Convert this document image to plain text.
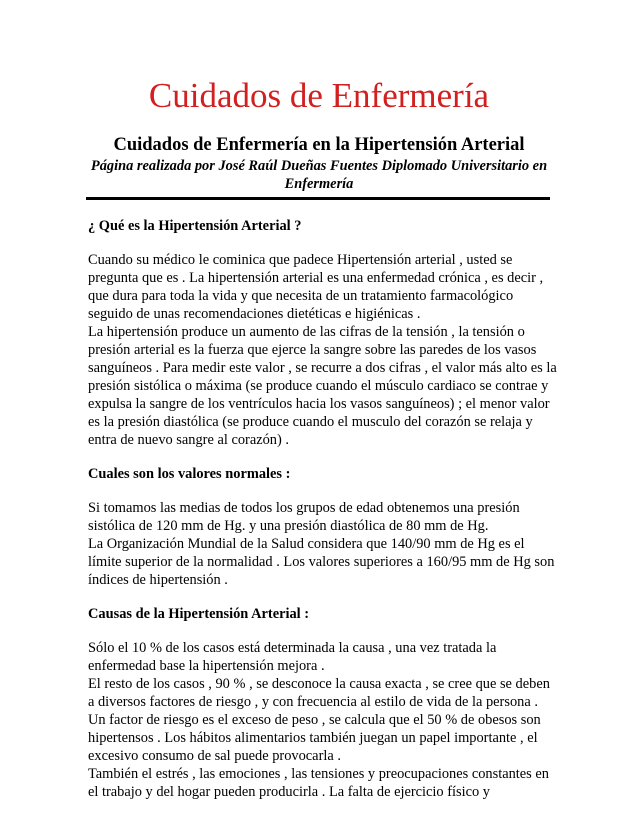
Cuidados de Enfermería
Cuidados de Enfermería en la Hipertensión Arterial
Página realizada por José Raúl Dueñas Fuentes Diplomado Universitario en
Enfermería
¿ Qué es la Hipertensión Arterial ?

Cuando su médico le cominica que padece Hipertensión arterial , usted se
pregunta que es . La hipertensión arterial es una enfermedad crónica , es decir ,
que dura para toda la vida y que necesita de un tratamiento farmacológico
seguido de unas recomendaciones dietéticas e higiénicas .
La hipertensión produce un aumento de las cifras de la tensión , la tensión o
presión arterial es la fuerza que ejerce la sangre sobre las paredes de los vasos
sanguíneos . Para medir este valor , se recurre a dos cifras , el valor más alto es la
presión sistólica o máxima (se produce cuando el músculo cardiaco se contrae y
expulsa la sangre de los ventrículos hacia los vasos sanguíneos) ; el menor valor
es la presión diastólica (se produce cuando el musculo del corazón se relaja y
entra de nuevo sangre al corazón) .

Cuales son los valores normales :

Si tomamos las medias de todos los grupos de edad obtenemos una presión
sistólica de 120 mm de Hg. y una presión diastólica de 80 mm de Hg.
La Organización Mundial de la Salud considera que 140/90 mm de Hg es el
límite superior de la normalidad . Los valores superiores a 160/95 mm de Hg son
índices de hipertensión .

Causas de la Hipertensión Arterial :

Sólo el 10 % de los casos está determinada la causa , una vez tratada la
enfermedad base la hipertensión mejora .
El resto de los casos , 90 % , se desconoce la causa exacta , se cree que se deben
a diversos factores de riesgo , y con frecuencia al estilo de vida de la persona .
Un factor de riesgo es el exceso de peso , se calcula que el 50 % de obesos son
hipertensos . Los hábitos alimentarios también juegan un papel importante , el
excesivo consumo de sal puede provocarla .
También el estrés , las emociones , las tensiones y preocupaciones constantes en
el trabajo y del hogar pueden producirla . La falta de ejercicio físico y
